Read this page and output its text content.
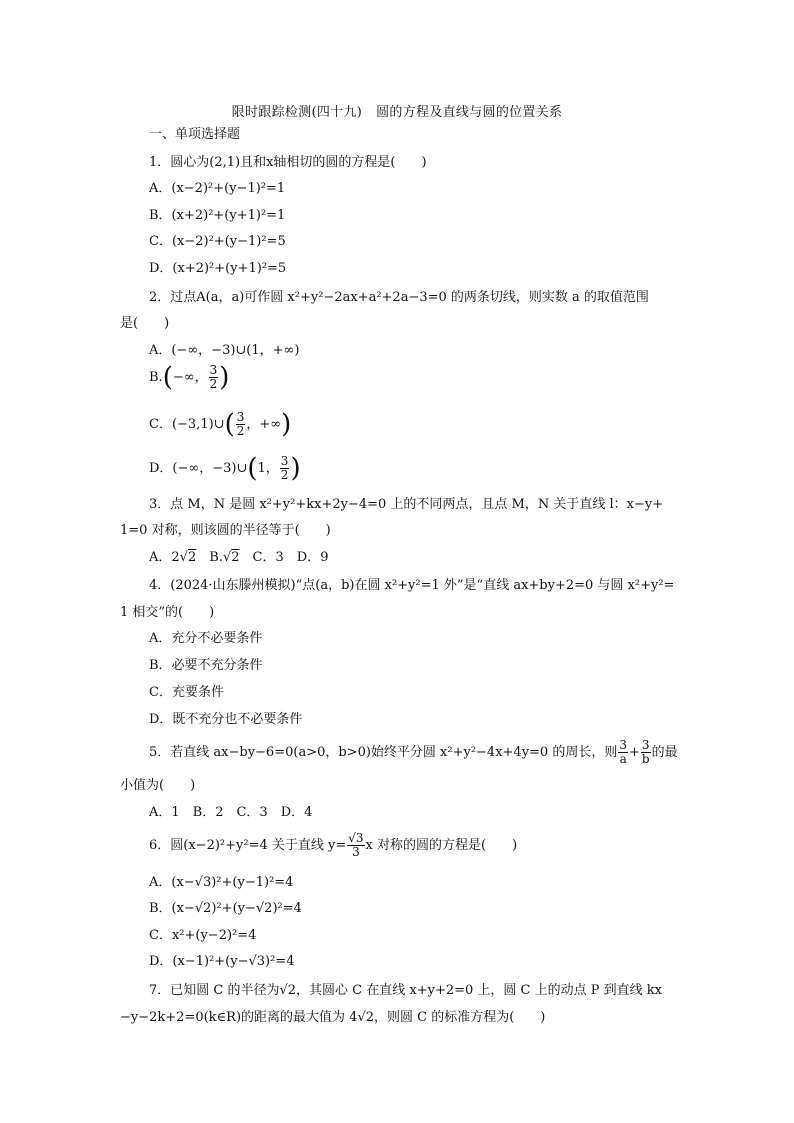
限时跟踪检测(四十九) 圆的方程及直线与圆的位置关系
一、单项选择题
1．圆心为(2,1)且和x轴相切的圆的方程是(　　)
A．(x−2)²+(y−1)²=1
B．(x+2)²+(y+1)²=1
C．(x−2)²+(y−1)²=5
D．(x+2)²+(y+1)²=5
2．过点A(a，a)可作圆 x²+y²−2ax+a²+2a−3=0 的两条切线，则实数 a 的取值范围
是(　　)
A．(−∞，−3)∪(1，+∞)
B.(−∞， $\frac{3}{2}$ )
C．(−3,1)∪( $\frac{3}{2}$ ，+∞)
D．(−∞，−3)∪(1， $\frac{3}{2}$ )
3．点 M，N 是圆 x²+y²+kx+2y−4=0 上的不同两点，且点 M，N 关于直线 l：x−y+
1=0 对称，则该圆的半径等于(　　)
A．2√2　 B.√2　 C．3　D．9
4．(2024·山东滕州模拟)“点(a，b)在圆 x²+y²=1 外”是“直线 ax+by+2=0 与圆 x²+y²=
1 相交”的(　　)
A．充分不必要条件
B．必要不充分条件
C．充要条件
D．既不充分也不必要条件
5．若直线 ax−by−6=0(a>0，b>0)始终平分圆 x²+y²−4x+4y=0 的周长，则 $\frac{3}{a} + \frac{3}{b}$ 的最
小值为(　　)
A．1　B．2　C．3　D．4
6．圆(x−2)²+y²=4 关于直线 $y= \frac{√3}{3}$ x 对称的圆的方程是(　　)
A．(x−√3)²+(y−1)²=4
B．(x−√2)²+(y−√2)²=4
C．x²+(y−2)²=4
D．(x−1)²+(y−√3)²=4
7．已知圆 C 的半径为√2，其圆心 C 在直线 x+y+2=0 上，圆 C 上的动点 P 到直线 kx
−y−2k+2=0(k∈R)的距离的最大值为 4√2，则圆 C 的标准方程为(　　)
